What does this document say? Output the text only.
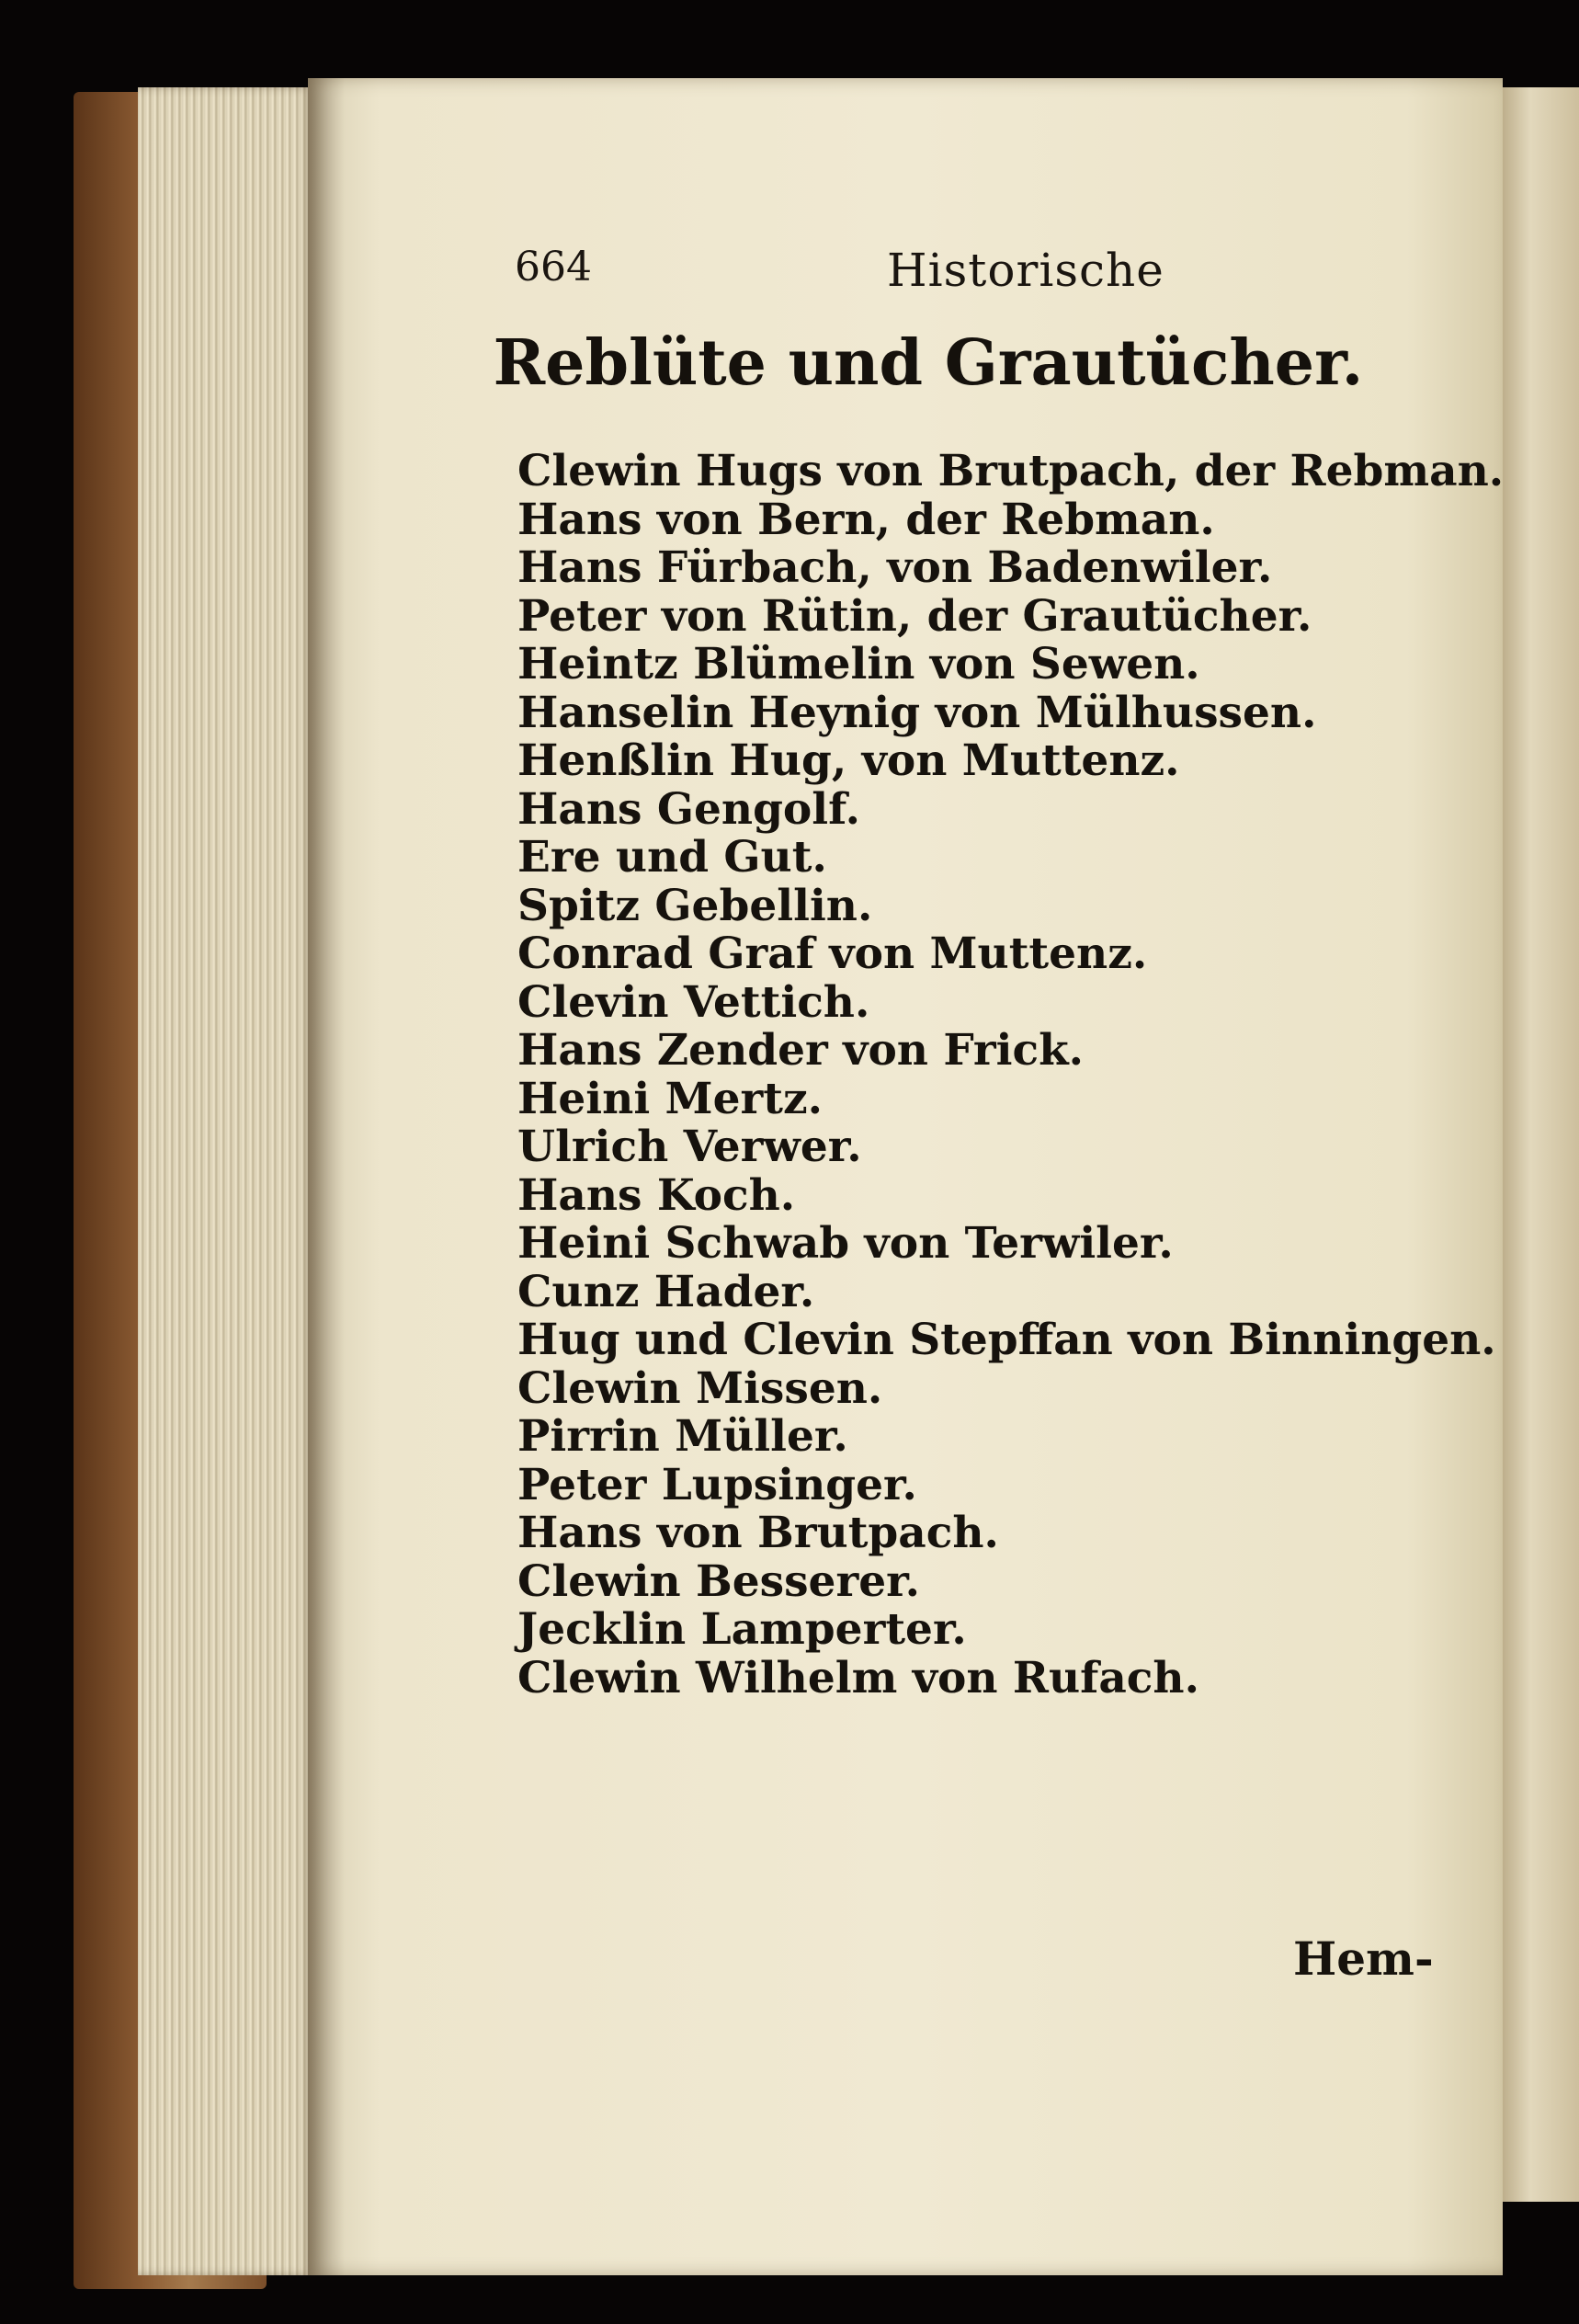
664	Historische
Reblüte und Grautücher.
Clewin Hugs von Brutpach, der Rebman.
Hans von Bern, der Rebman.
Hans Fürbach, von Badenwiler.
Peter von Rütin, der Grautücher.
Heintz Blümelin von Sewen.
Hanselin Heynig von Mülhussen.
Henßlin Hug, von Muttenz.
Hans Gengolf.
Ere und Gut.
Spitz Gebellin.
Conrad Graf von Muttenz.
Clevin Vettich.
Hans Zender von Frick.
Heini Mertz.
Ulrich Verwer.
Hans Koch.
Heini Schwab von Terwiler.
Cunz Hader.
Hug und Clevin Stepffan von Binningen.
Clewin Missen.
Pirrin Müller.
Peter Lupsinger.
Hans von Brutpach.
Clewin Besserer.
Jecklin Lamperter.
Clewin Wilhelm von Rufach.
Hem-
